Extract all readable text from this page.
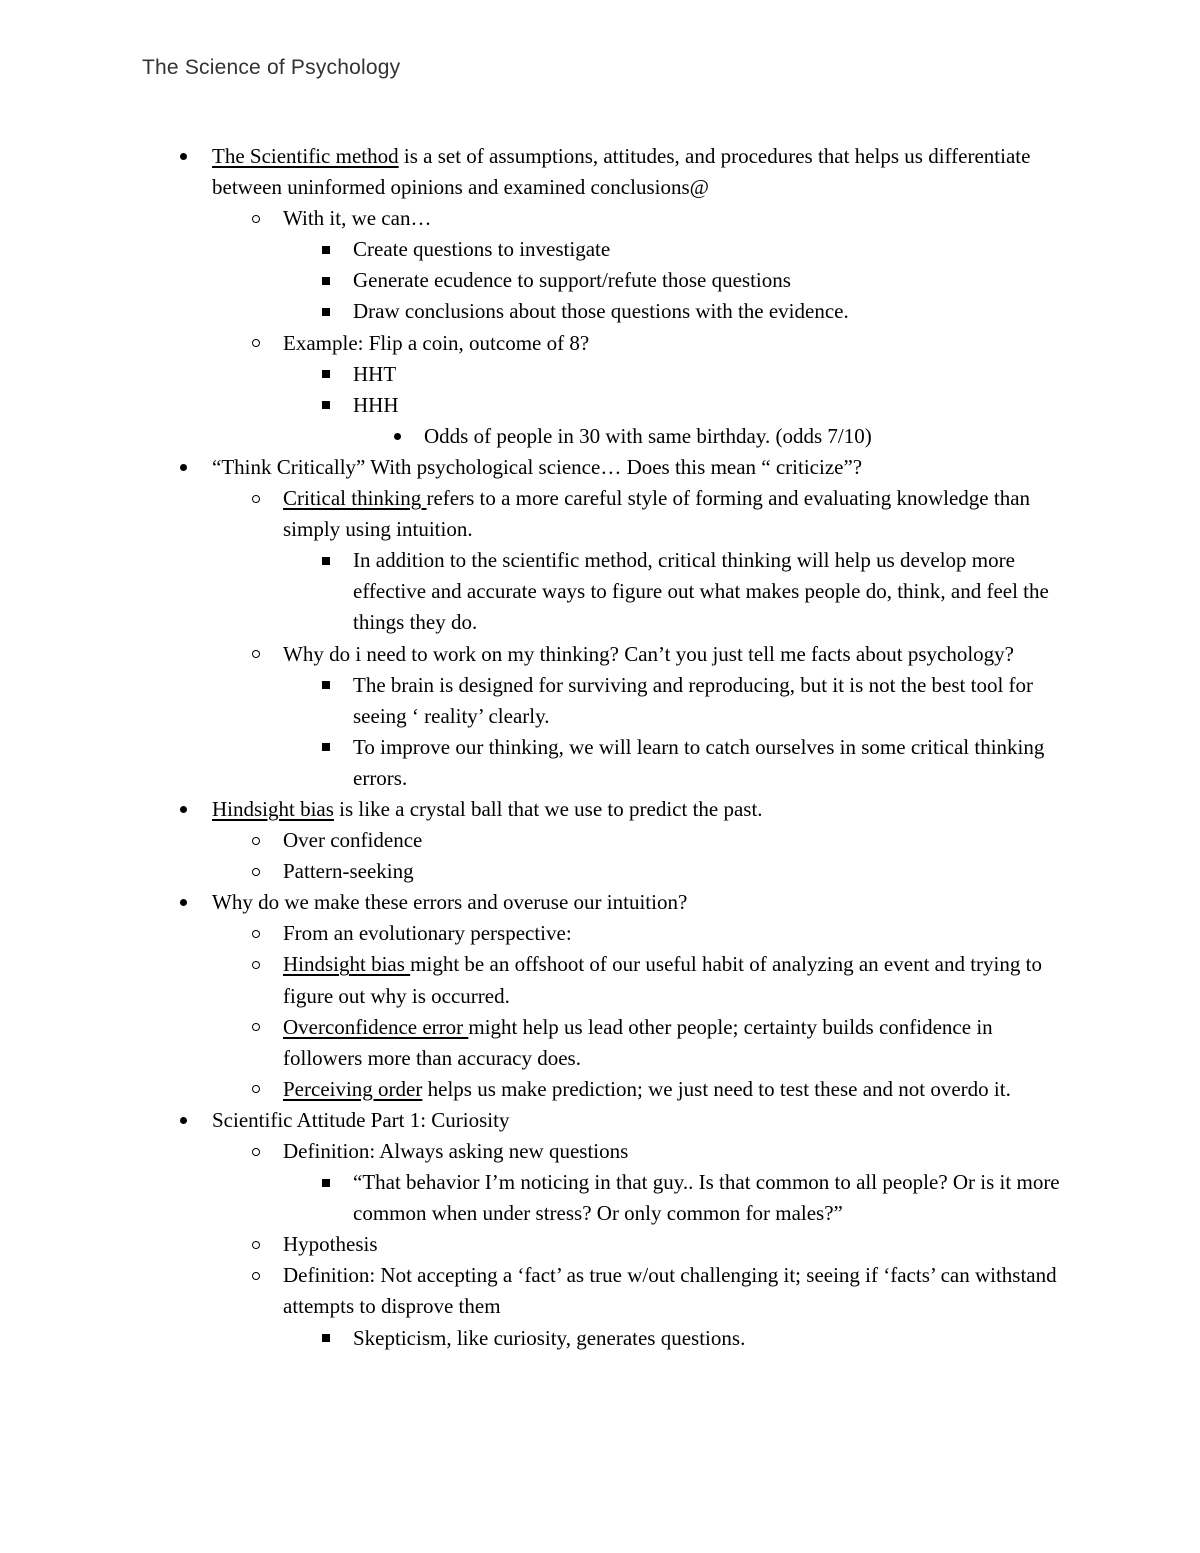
The Science of Psychology
The Scientific method is a set of assumptions, attitudes, and procedures that helps us differentiate between uninformed opinions and examined conclusions@
With it, we can…
Create questions to investigate
Generate ecudence to support/refute those questions
Draw conclusions about those questions with the evidence.
Example: Flip a coin, outcome of 8?
HHT
HHH
Odds of people in 30 with same birthday. (odds 7/10)
“Think Critically” With psychological science… Does this mean “ criticize”?
Critical thinking refers to a more careful style of forming and evaluating knowledge than simply using intuition.
In addition to the scientific method, critical thinking will help us develop more effective and accurate ways to figure out what makes people do, think, and feel the things they do.
Why do i need to work on my thinking? Can’t you just tell me facts about psychology?
The brain is designed for surviving and reproducing, but it is not the best tool for seeing ‘ reality’ clearly.
To improve our thinking, we will learn to catch ourselves in some critical thinking errors.
Hindsight bias is like a crystal ball that we use to predict the past.
Over confidence
Pattern-seeking
Why do we make these errors and overuse our intuition?
From an evolutionary perspective:
Hindsight bias might be an offshoot of our useful habit of analyzing an event and trying to figure out why is occurred.
Overconfidence error might help us lead other people; certainty builds confidence in followers more than accuracy does.
Perceiving order helps us make prediction; we just need to test these and not overdo it.
Scientific Attitude Part 1: Curiosity
Definition: Always asking new questions
“That behavior I’m noticing in that guy.. Is that common to all people? Or is it more common when under stress? Or only common for males?”
Hypothesis
Definition: Not accepting a ‘fact’ as true w/out challenging it; seeing if ‘facts’ can withstand attempts to disprove them
Skepticism, like curiosity, generates questions.
